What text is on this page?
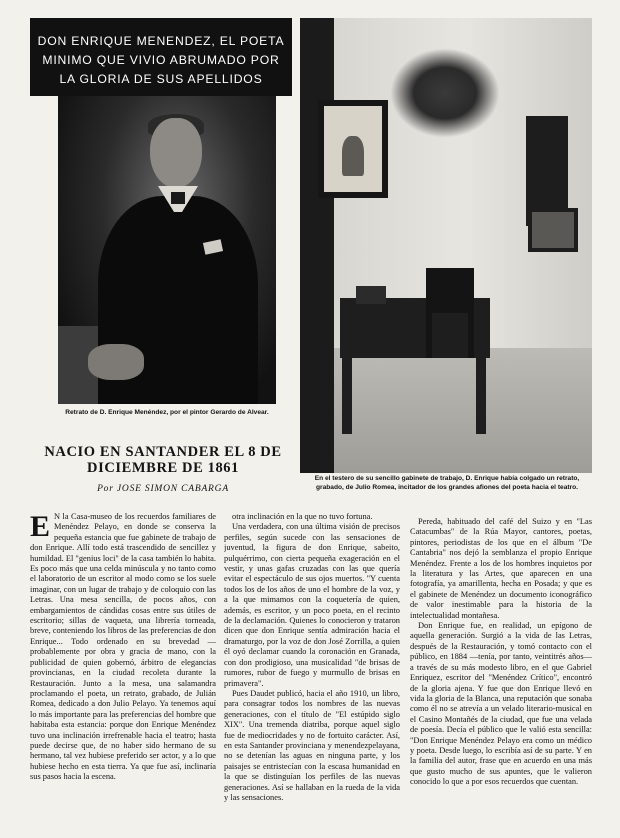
DON ENRIQUE MENENDEZ, EL POETA
MINIMO QUE VIVIO ABRUMADO POR
LA GLORIA DE SUS APELLIDOS
Retrato de D. Enrique Menéndez, por el pintor Gerardo de Alvear.
En el testero de su sencillo gabinete de trabajo, D. Enrique había colgado un retrato, grabado, de Julio Romea, incitador de los grandes afiones del poeta hacia el teatro.
NACIO EN SANTANDER EL 8 DE
DICIEMBRE DE 1861
Por JOSE SIMON CABARGA

E N la Casa-museo de los recuerdos familiares de Menéndez Pelayo, en donde se conserva la pequeña estancia que fue gabinete de trabajo de don Enrique. Allí todo está trascendido de sencillez y humildad. El "genius loci" de la casa también lo habita. Es poco más que una celda minúscula y no tanto como el laboratorio de un escritor al modo como se los suele imaginar, con un lugar de trabajo y de coloquio con las Letras. Una mesa sencilla, de pocos años, con embargamientos de cándidas cosas entre sus útiles de escritorio; sillas de vaqueta, una librería torneada, breve, conteniendo los libros de las preferencias de don Enrique... Todo ordenado en su brevedad —probablemente por obra y gracia de mano, con la publicidad de quien gobernó, árbitro de elegancias provincianas, en la ciudad recoleta durante la Restauración. Junto a la mesa, una salamandra proclamando el poeta, un retrato, grabado, de Julián Romea, dedicado a don Julio Pelayo. Ya tenemos aquí lo más importante para las preferencias del hombre que habitaba esta estancia: porque don Enrique Menéndez tuvo una inclinación irrefrenable hacia el teatro; hasta puede decirse que, de no haber sido hermano de su hermano, tal vez hubiese preferido ser actor, y a lo que hubiese hecho en esta tierra. Ya que fue así, inclinaría sus pasos hacia la escena.

otra inclinación en la que no tuvo fortuna.

Una verdadera, con una última visión de precisos perfiles, según sucede con las sensaciones de juventud, la figura de don Enrique, sabeito, pulquérrimo, con cierta pequeña exageración en el vestir, y unas gafas cruzadas con las que quería evitar el espectáculo de sus ojos muertos. "Y cuenta todos los de los años de uno el hombre de la voz, y a la que mimamos con la coquetería de quien, además, es escritor, y un poco poeta, en el recinto de la declamación. Quienes lo conocieron y trataron dicen que don Enrique sentía admiración hacia el dramaturgo, por la voz de don José Zorrilla, a quien él oyó declamar cuando la coronación en Granada, con don prodigioso, una musicalidad "de brisas de rumores, rubor de fuego y murmullo de brisas en primavera".

Pues Daudet publicó, hacia el año 1910, un libro, para consagrar todos los nombres de las nuevas generaciones, con el título de "El estúpido siglo XIX". Una tremenda diatriba, porque aquel siglo fue de mediocridades y no de fortuito carácter. Así, en esta Santander provinciana y menendezpelayana, no se detenían las aguas en ninguna parte, y los paisajes se entristecían con la escasa humanidad en la que se distinguían los perfiles de las nuevas generaciones. Así se hallaban en la rueda de la vida y las sensaciones.

Pereda, habituado del café del Suizo y en "Las Catacumbas" de la Rúa Mayor, cantores, poetas, pintores, periodistas de los que en el álbum "De Cantabria" nos dejó la semblanza el propio Enrique Menéndez. Frente a los de los hombres inquietos por la literatura y las Artes, que aparecen en una fotografía, ya amarillenta, hecha en Posada; y que es el gabinete de Menéndez un documento iconográfico de valor inestimable para la historia de la intelectualidad montañesa.

Don Enrique fue, en realidad, un epígono de aquella generación. Surgió a la vida de las Letras, después de la Restauración, y tomó contacto con el público, en 1884 —tenía, por tanto, veintitrés años— a través de su más modesto libro, en el que Gabriel Enriquez, escritor del "Menéndez Crítico", encontró de la gloria ajena. Y fue que don Enrique llevó en vida la gloria de la Blanca, una reputación que sonaba como él no se atrevía a un velado literario-musical en el Casino Montañés de la ciudad, que fue una velada de poesía. Decía el público que le valió esta sencilla: "Don Enrique Menéndez Pelayo era como un médico y poeta. Desde luego, lo escribía así de su parte. Y en la familia del autor, frase que en acuerdo en una más que gusto mucho de sus apuntes, que le valieron conocido lo que a por esos recuerdos que cuentan.
